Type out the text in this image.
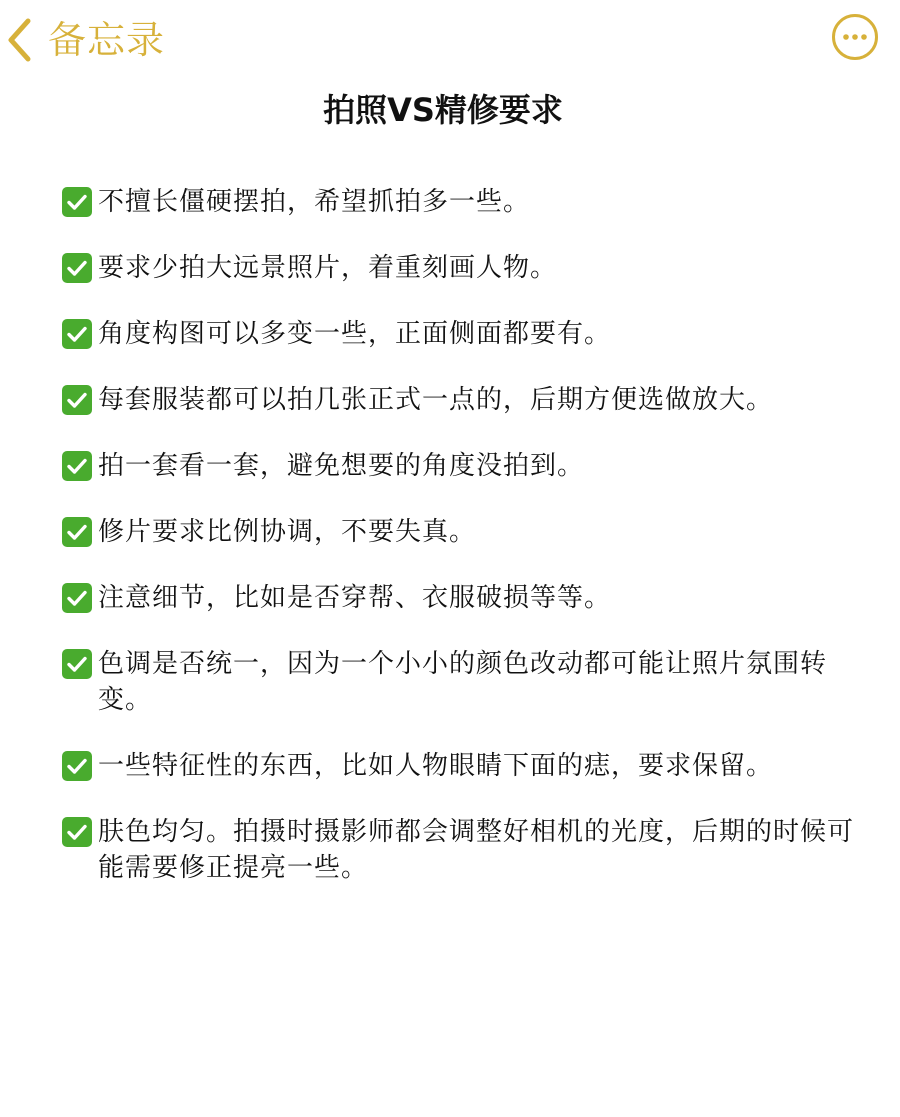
备忘录
拍照VS精修要求
不擅长僵硬摆拍，希望抓拍多一些。
要求少拍大远景照片，着重刻画人物。
角度构图可以多变一些，正面侧面都要有。
每套服装都可以拍几张正式一点的，后期方便选做放大。
拍一套看一套，避免想要的角度没拍到。
修片要求比例协调，不要失真。
注意细节，比如是否穿帮、衣服破损等等。
色调是否统一，因为一个小小的颜色改动都可能让照片氛围转变。
一些特征性的东西，比如人物眼睛下面的痣，要求保留。
肤色均匀。拍摄时摄影师都会调整好相机的光度，后期的时候可能需要修正提亮一些。
